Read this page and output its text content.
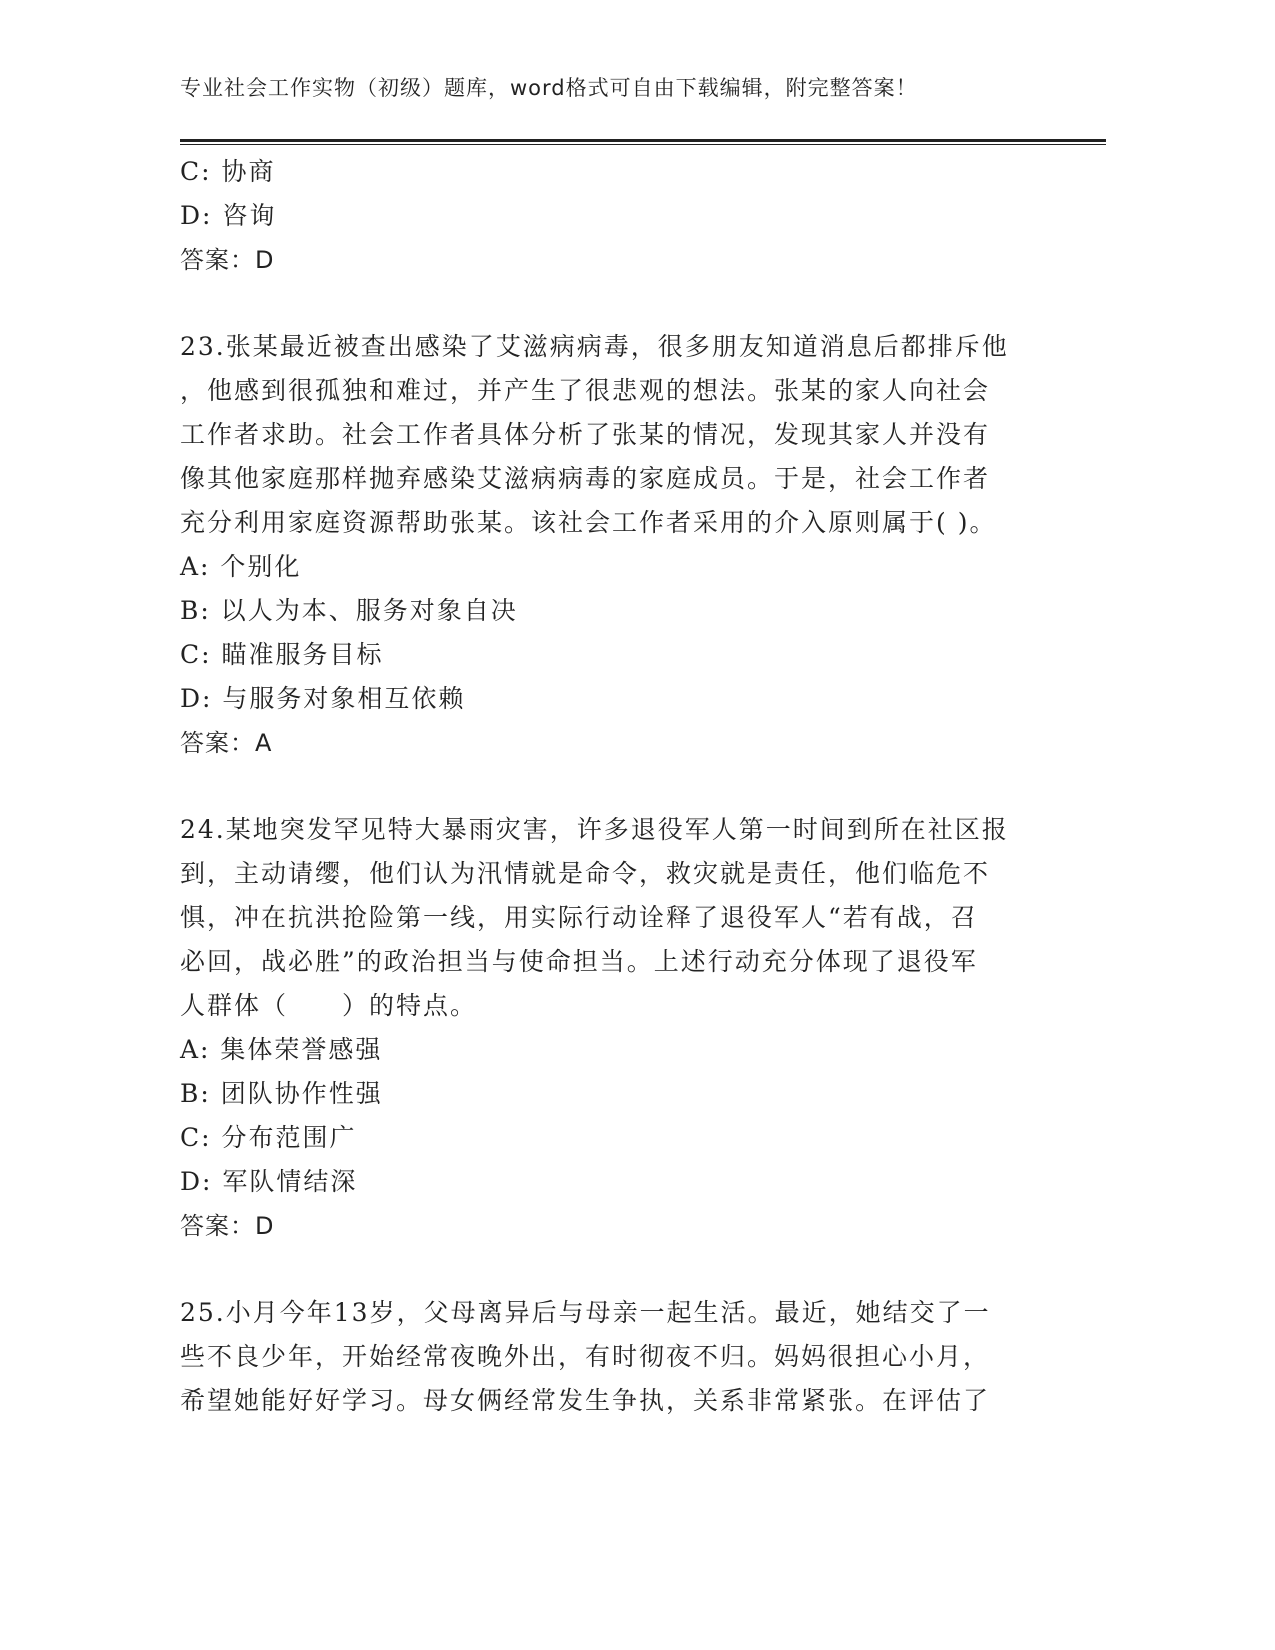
专业社会工作实物（初级）题库，word格式可自由下载编辑，附完整答案！
C: 协商
D: 咨询
答案：D
23.张某最近被查出感染了艾滋病病毒，很多朋友知道消息后都排斥他
，他感到很孤独和难过，并产生了很悲观的想法。张某的家人向社会
工作者求助。社会工作者具体分析了张某的情况，发现其家人并没有
像其他家庭那样抛弃感染艾滋病病毒的家庭成员。于是，社会工作者
充分利用家庭资源帮助张某。该社会工作者采用的介入原则属于( )。
A: 个别化
B: 以人为本、服务对象自决
C: 瞄准服务目标
D: 与服务对象相互依赖
答案：A
24.某地突发罕见特大暴雨灾害，许多退役军人第一时间到所在社区报
到，主动请缨，他们认为汛情就是命令，救灾就是责任，他们临危不
惧，冲在抗洪抢险第一线，用实际行动诠释了退役军人“若有战，召
必回，战必胜”的政治担当与使命担当。上述行动充分体现了退役军
人群体（　　）的特点。
A: 集体荣誉感强
B: 团队协作性强
C: 分布范围广
D: 军队情结深
答案：D
25.小月今年13岁，父母离异后与母亲一起生活。最近，她结交了一
些不良少年，开始经常夜晚外出，有时彻夜不归。妈妈很担心小月，
希望她能好好学习。母女俩经常发生争执，关系非常紧张。在评估了
